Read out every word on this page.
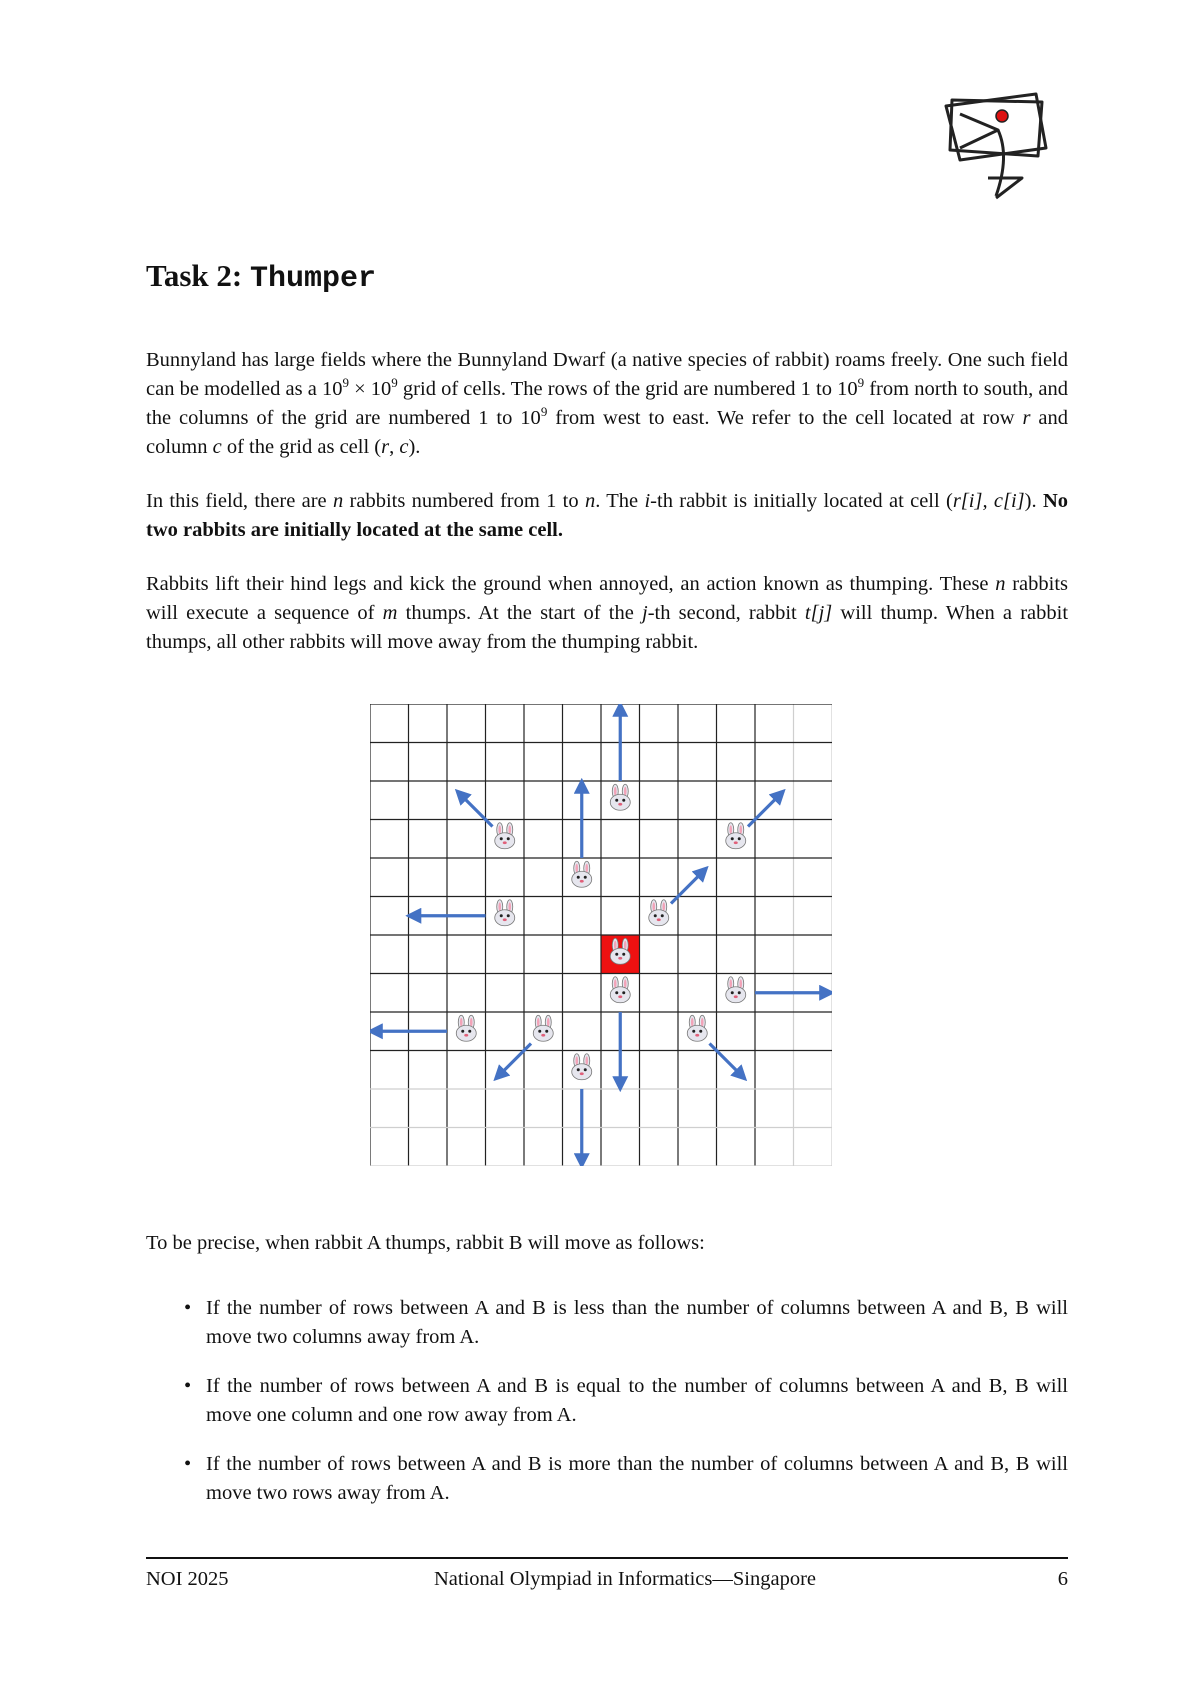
Task 2: Thumper

Bunnyland has large fields where the Bunnyland Dwarf (a native species of rabbit) roams freely. One such field can be modelled as a $10^9 \times 10^9$ grid of cells. The rows of the grid are numbered 1 to $10^9$ from north to south, and the columns of the grid are numbered 1 to $10^9$ from west to east. We refer to the cell located at row r and column c of the grid as cell (r, c).

In this field, there are n rabbits numbered from 1 to n. The i-th rabbit is initially located at cell (r[i], c[i]). No two rabbits are initially located at the same cell.

Rabbits lift their hind legs and kick the ground when annoyed, an action known as thumping. These n rabbits will execute a sequence of m thumps. At the start of the j-th second, rabbit t[j] will thump. When a rabbit thumps, all other rabbits will move away from the thumping rabbit.

To be precise, when rabbit A thumps, rabbit B will move as follows:

• If the number of rows between A and B is less than the number of columns between A and B, B will move two columns away from A.
• If the number of rows between A and B is equal to the number of columns between A and B, B will move one column and one row away from A.
• If the number of rows between A and B is more than the number of columns between A and B, B will move two rows away from A.
NOI 2025	National Olympiad in Informatics—Singapore	6
